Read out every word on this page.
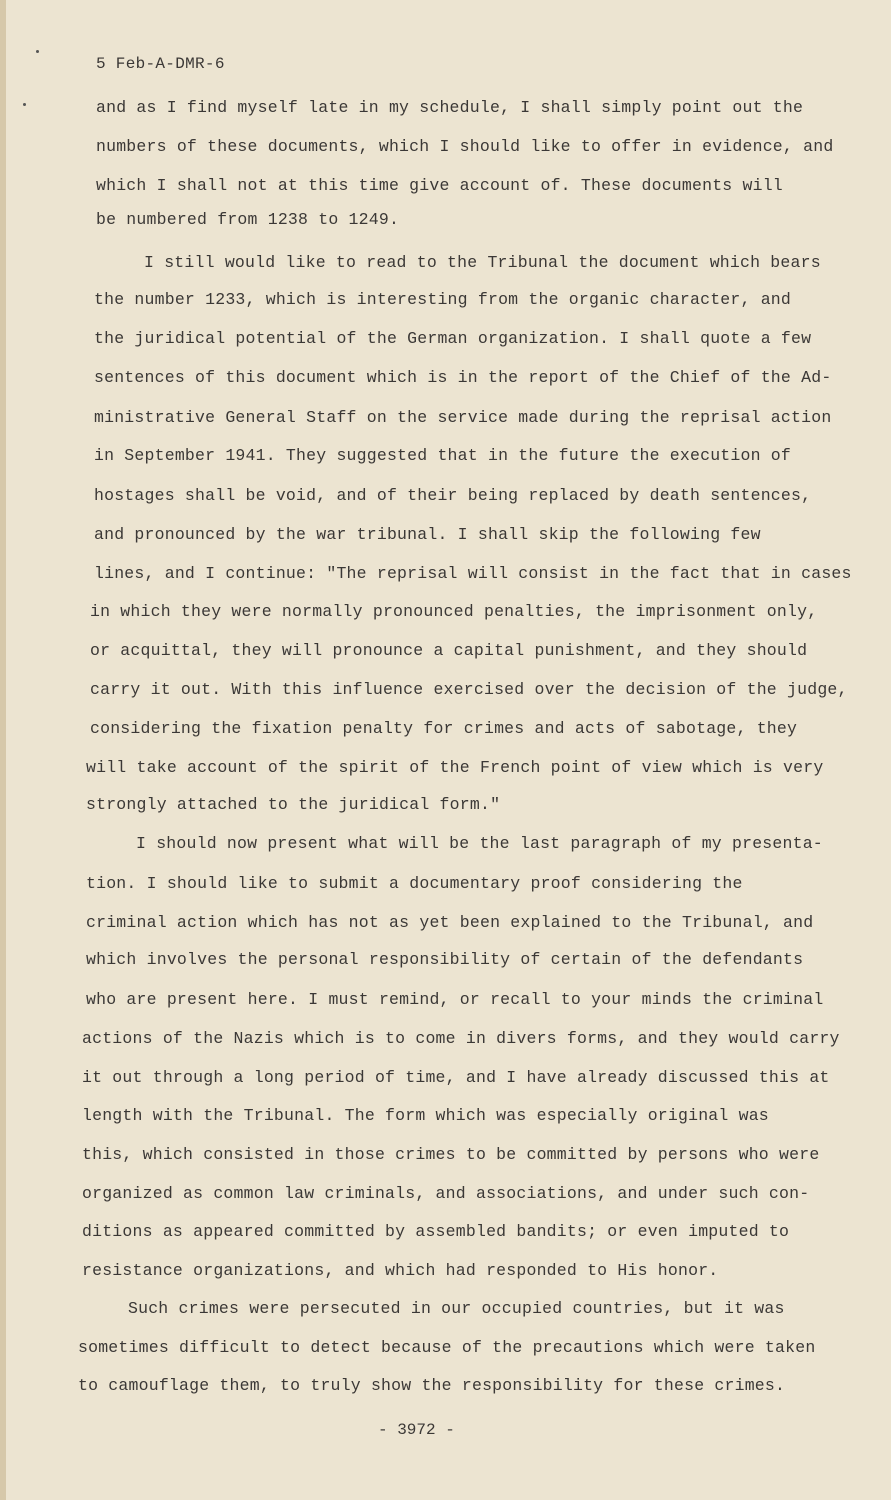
5 Feb-A-DMR-6
and as I find myself late in my schedule, I shall simply point out the
numbers of these documents, which I should like to offer in evidence, and
which I shall not at this time give account of. These documents will
be numbered from 1238 to 1249.
I still would like to read to the Tribunal the document which bears
the number 1233, which is interesting from the organic character, and
the juridical potential of the German organization. I shall quote a few
sentences of this document which is in the report of the Chief of the Ad-
ministrative General Staff on the service made during the reprisal action
in September 1941. They suggested that in the future the execution of
hostages shall be void, and of their being replaced by death sentences,
and pronounced by the war tribunal. I shall skip the following few
lines, and I continue: "The reprisal will consist in the fact that in cases
in which they were normally pronounced penalties, the imprisonment only,
or acquittal, they will pronounce a capital punishment, and they should
carry it out. With this influence exercised over the decision of the judge,
considering the fixation penalty for crimes and acts of sabotage, they
will take account of the spirit of the French point of view which is very
strongly attached to the juridical form."
I should now present what will be the last paragraph of my presenta-
tion. I should like to submit a documentary proof considering the
criminal action which has not as yet been explained to the Tribunal, and
which involves the personal responsibility of certain of the defendants
who are present here. I must remind, or recall to your minds the criminal
actions of the Nazis which is to come in divers forms, and they would carry
it out through a long period of time, and I have already discussed this at
length with the Tribunal. The form which was especially original was
this, which consisted in those crimes to be committed by persons who were
organized as common law criminals, and associations, and under such con-
ditions as appeared committed by assembled bandits; or even imputed to
resistance organizations, and which had responded to His honor.
Such crimes were persecuted in our occupied countries, but it was
sometimes difficult to detect because of the precautions which were taken
to camouflage them, to truly show the responsibility for these crimes.
- 3972 -
